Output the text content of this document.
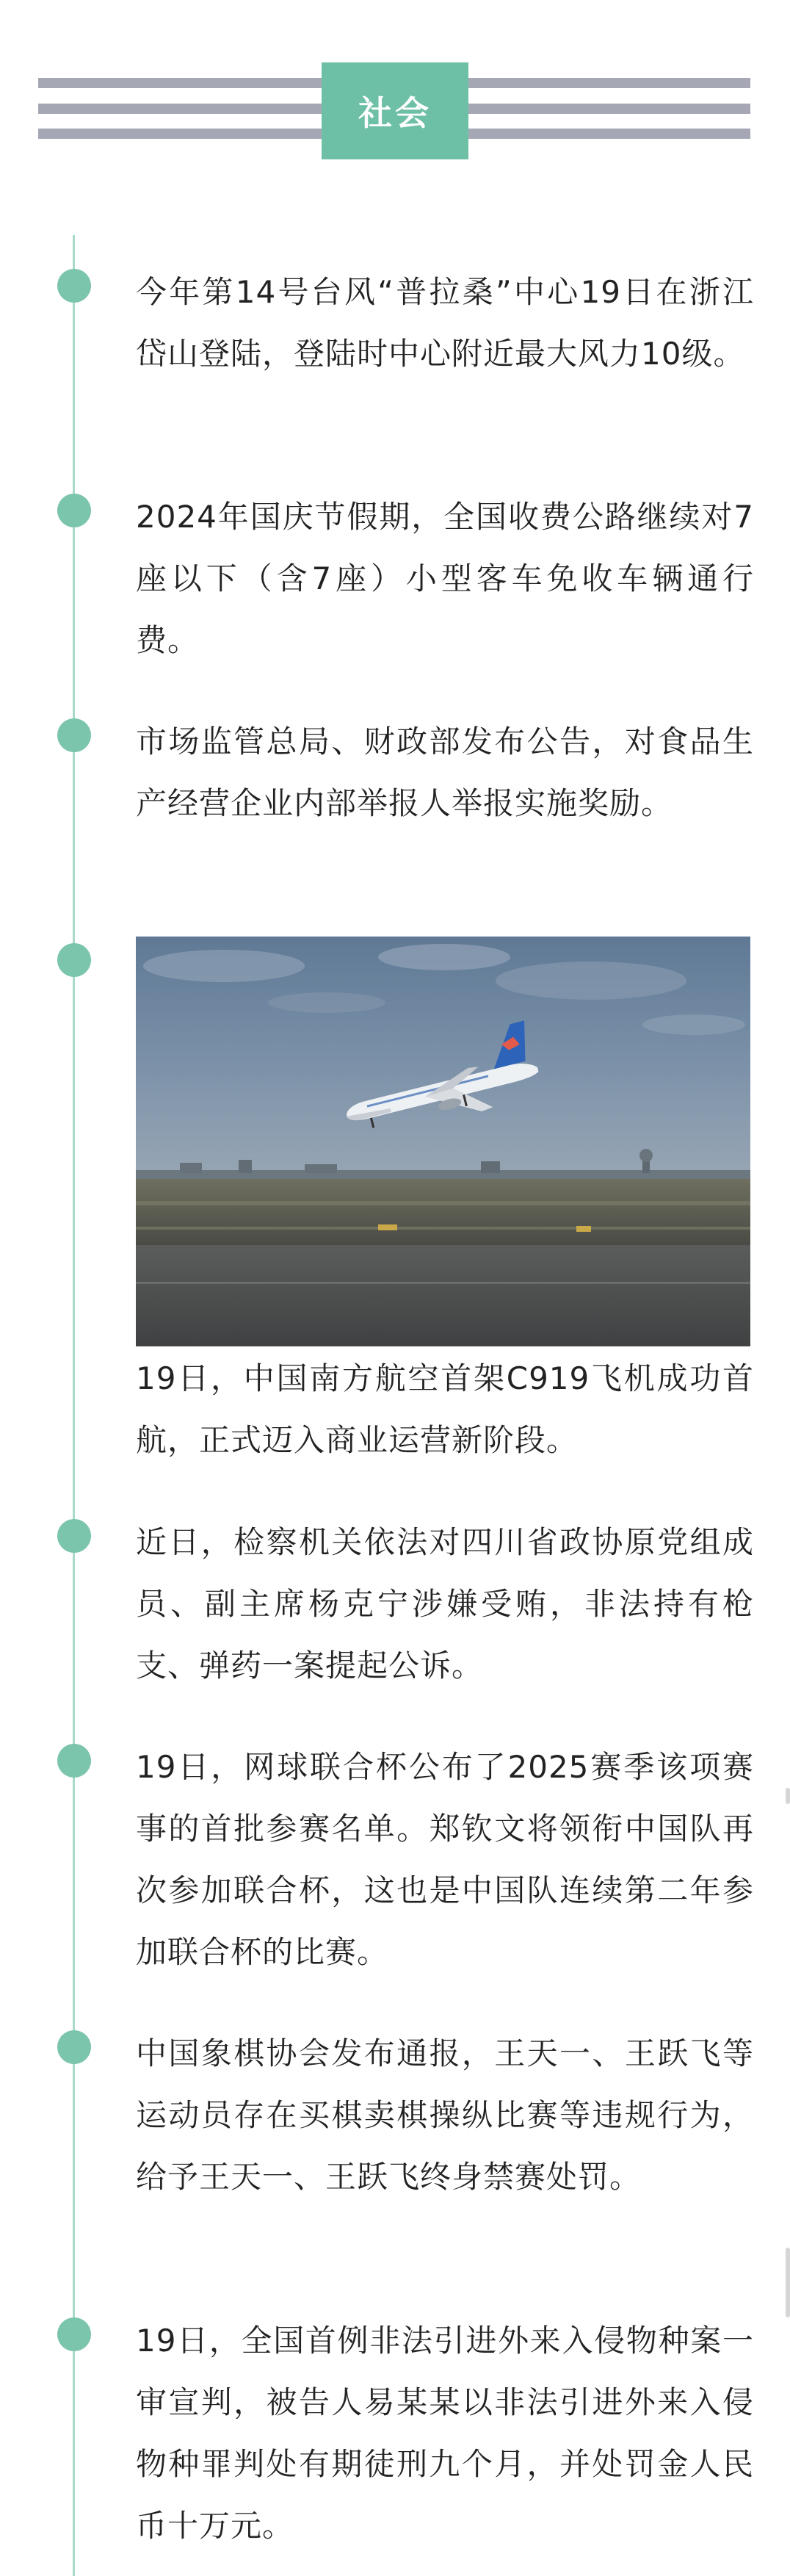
社会
今年第14号台风“普拉桑”中心19日在浙江岱山登陆，登陆时中心附近最大风力10级。
2024年国庆节假期，全国收费公路继续对7座以下（含7座）小型客车免收车辆通行费。
市场监管总局、财政部发布公告，对食品生产经营企业内部举报人举报实施奖励。
19日，中国南方航空首架C919飞机成功首航，正式迈入商业运营新阶段。
近日，检察机关依法对四川省政协原党组成员、副主席杨克宁涉嫌受贿，非法持有枪支、弹药一案提起公诉。
19日，网球联合杯公布了2025赛季该项赛事的首批参赛名单。郑钦文将领衔中国队再次参加联合杯，这也是中国队连续第二年参加联合杯的比赛。
中国象棋协会发布通报，王天一、王跃飞等运动员存在买棋卖棋操纵比赛等违规行为，给予王天一、王跃飞终身禁赛处罚。
19日，全国首例非法引进外来入侵物种案一审宣判，被告人易某某以非法引进外来入侵物种罪判处有期徒刑九个月，并处罚金人民币十万元。
